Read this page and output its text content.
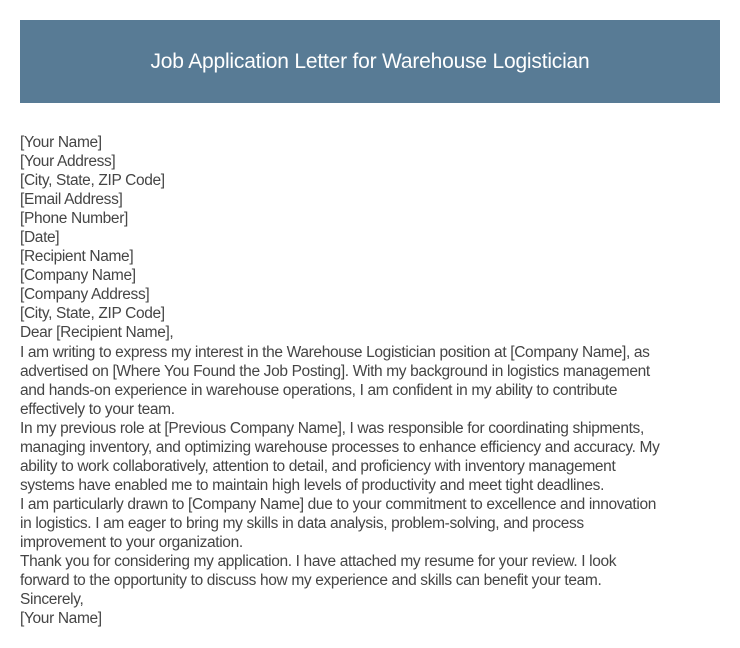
Job Application Letter for Warehouse Logistician
[Your Name]
[Your Address]
[City, State, ZIP Code]
[Email Address]
[Phone Number]
[Date]
[Recipient Name]
[Company Name]
[Company Address]
[City, State, ZIP Code]
Dear [Recipient Name],
I am writing to express my interest in the Warehouse Logistician position at [Company Name], as
advertised on [Where You Found the Job Posting]. With my background in logistics management
and hands-on experience in warehouse operations, I am confident in my ability to contribute
effectively to your team.
In my previous role at [Previous Company Name], I was responsible for coordinating shipments,
managing inventory, and optimizing warehouse processes to enhance efficiency and accuracy. My
ability to work collaboratively, attention to detail, and proficiency with inventory management
systems have enabled me to maintain high levels of productivity and meet tight deadlines.
I am particularly drawn to [Company Name] due to your commitment to excellence and innovation
in logistics. I am eager to bring my skills in data analysis, problem-solving, and process
improvement to your organization.
Thank you for considering my application. I have attached my resume for your review. I look
forward to the opportunity to discuss how my experience and skills can benefit your team.
Sincerely,
[Your Name]
